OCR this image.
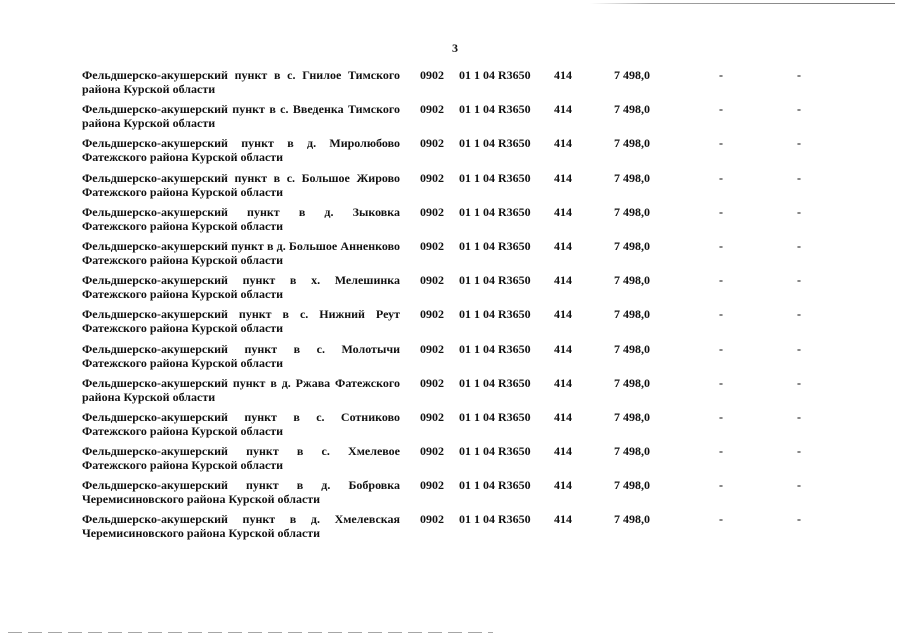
3
Фельдшерско-акушерский пункт в с. Гнилое Тимского
района Курской области
0902 01 1 04 R3650 414	7 498,0	-	-
Фельдшерско-акушерский пункт в с. Введенка Тимского
района Курской области
0902 01 1 04 R3650 414	7 498,0	-	-
Фельдшерско-акушерский пункт в д. Миролюбово
Фатежского района Курской области
0902 01 1 04 R3650 414	7 498,0	-	-
Фельдшерско-акушерский пункт в с. Большое Жирово
Фатежского района Курской области
0902 01 1 04 R3650 414	7 498,0	-	-
Фельдшерско-акушерский пункт в д. Зыковка
Фатежского района Курской области
0902 01 1 04 R3650 414	7 498,0	-	-
Фельдшерско-акушерский пункт в д. Большое Анненково
Фатежского района Курской области
0902 01 1 04 R3650 414	7 498,0	-	-
Фельдшерско-акушерский пункт в х. Мелешинка
Фатежского района Курской области
0902 01 1 04 R3650 414	7 498,0	-	-
Фельдшерско-акушерский пункт в с. Нижний Реут
Фатежского района Курской области
0902 01 1 04 R3650 414	7 498,0	-	-
Фельдшерско-акушерский пункт в с. Молотычи
Фатежского района Курской области
0902 01 1 04 R3650 414	7 498,0	-	-
Фельдшерско-акушерский пункт в д. Ржава Фатежского
района Курской области
0902 01 1 04 R3650 414	7 498,0	-	-
Фельдшерско-акушерский пункт в с. Сотниково
Фатежского района Курской области
0902 01 1 04 R3650 414	7 498,0	-	-
Фельдшерско-акушерский пункт в с. Хмелевое
Фатежского района Курской области
0902 01 1 04 R3650 414	7 498,0	-	-
Фельдшерско-акушерский пункт в д. Бобровка
Черемисиновского района Курской области
0902 01 1 04 R3650 414	7 498,0	-	-
Фельдшерско-акушерский пункт в д. Хмелевская
Черемисиновского района Курской области
0902 01 1 04 R3650 414	7 498,0	-	-
